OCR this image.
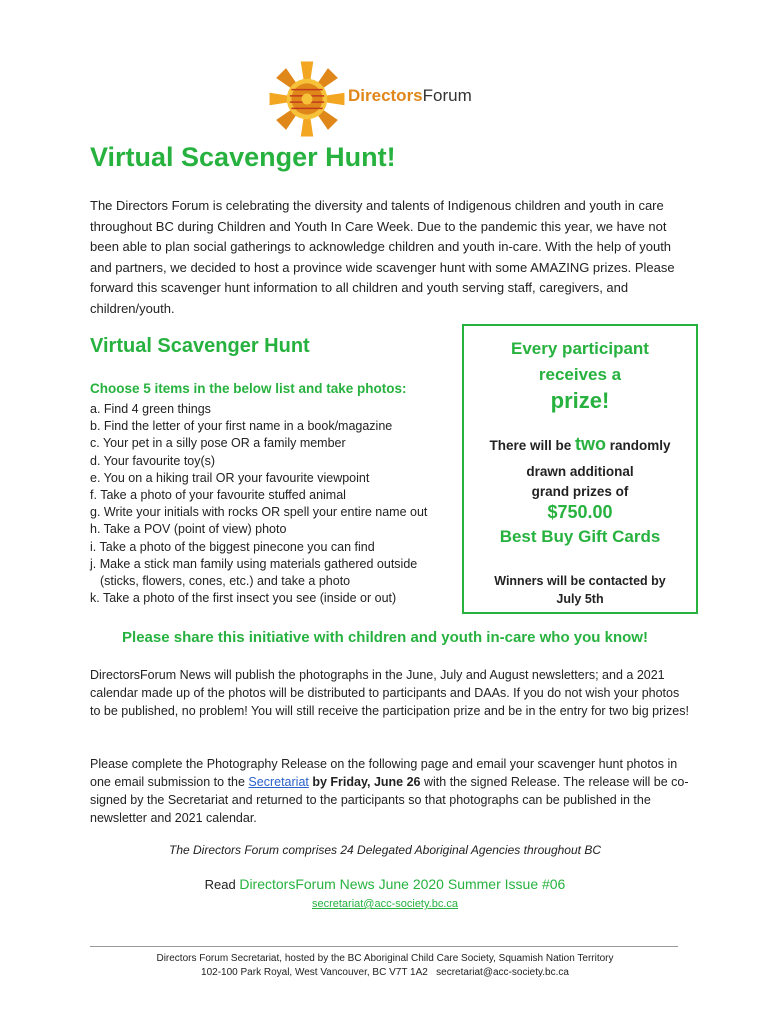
DirectorsForum
Virtual Scavenger Hunt!

The Directors Forum is celebrating the diversity and talents of Indigenous children and youth in care throughout BC during Children and Youth In Care Week. Due to the pandemic this year, we have not been able to plan social gatherings to acknowledge children and youth in-care. With the help of youth and partners, we decided to host a province wide scavenger hunt with some AMAZING prizes. Please forward this scavenger hunt information to all children and youth serving staff, caregivers, and children/youth.

Virtual Scavenger Hunt
Choose 5 items in the below list and take photos:
a. Find 4 green things
b. Find the letter of your first name in a book/magazine
c. Your pet in a silly pose OR a family member
d. Your favourite toy(s)
e. You on a hiking trail OR your favourite viewpoint
f. Take a photo of your favourite stuffed animal
g. Write your initials with rocks OR spell your entire name out
h. Take a POV (point of view) photo
i. Take a photo of the biggest pinecone you can find
j. Make a stick man family using materials gathered outside
(sticks, flowers, cones, etc.) and take a photo
k. Take a photo of the first insect you see (inside or out)
Every participant
receives a
prize!
There will be two randomly
drawn additional
grand prizes of
$750.00
Best Buy Gift Cards
Winners will be contacted by
July 5th
Please share this initiative with children and youth in-care who you know!

DirectorsForum News will publish the photographs in the June, July and August newsletters; and a 2021 calendar made up of the photos will be distributed to participants and DAAs. If you do not wish your photos to be published, no problem! You will still receive the participation prize and be in the entry for two big prizes!

Please complete the Photography Release on the following page and email your scavenger hunt photos in one email submission to the Secretariat by Friday, June 26 with the signed Release. The release will be co-signed by the Secretariat and returned to the participants so that photographs can be published in the newsletter and 2021 calendar.

The Directors Forum comprises 24 Delegated Aboriginal Agencies throughout BC
Read DirectorsForum News June 2020 Summer Issue #06
secretariat@acc-society.bc.ca
Directors Forum Secretariat, hosted by the BC Aboriginal Child Care Society, Squamish Nation Territory
102-100 Park Royal, West Vancouver, BC V7T 1A2   secretariat@acc-society.bc.ca
